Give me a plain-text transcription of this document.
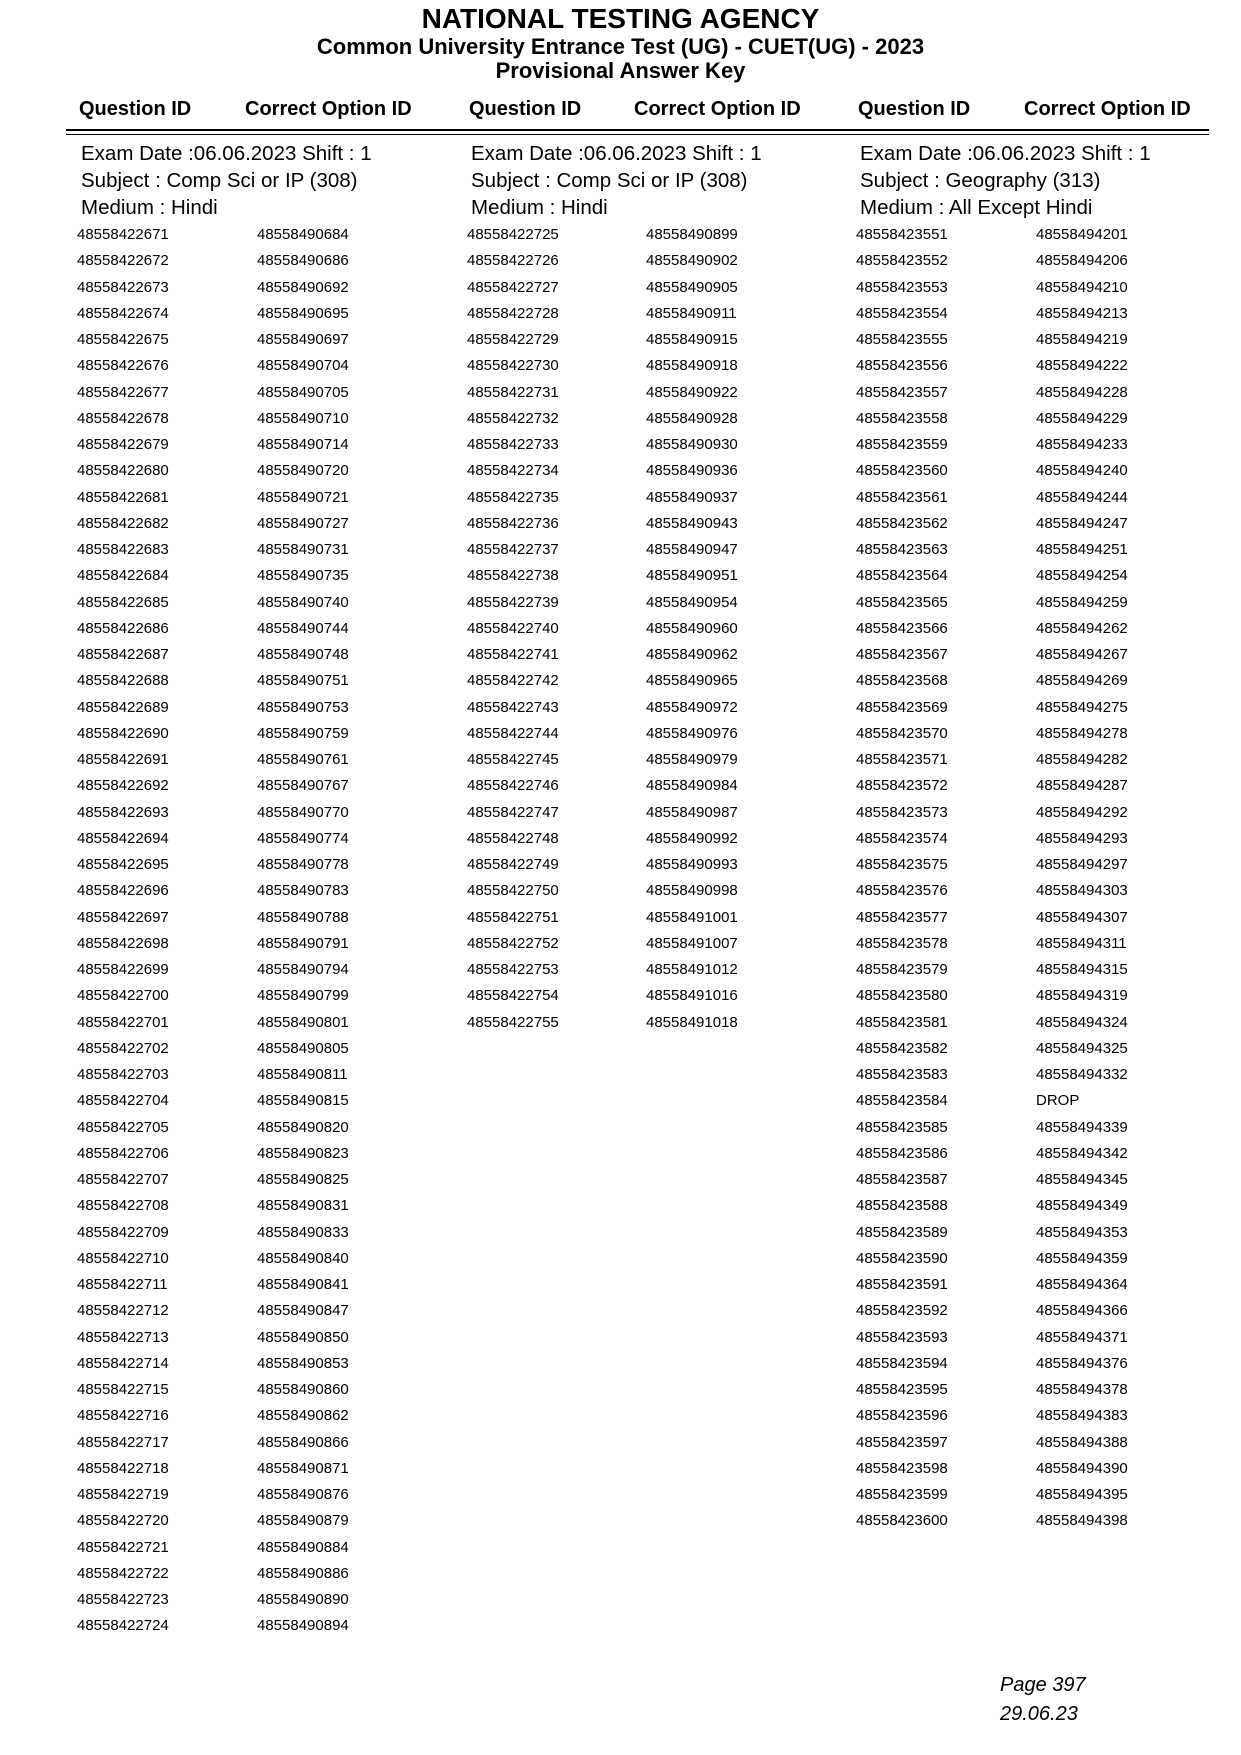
NATIONAL TESTING AGENCY
Common University Entrance Test (UG) - CUET(UG) - 2023
Provisional Answer Key
Question ID	Correct Option ID	Question ID	Correct Option ID	Question ID	Correct Option ID
Exam Date :06.06.2023 Shift : 1
Subject : Comp Sci or IP (308)
Medium : Hindi
48558422671	48558490684
48558422672	48558490686
48558422673	48558490692
48558422674	48558490695
48558422675	48558490697
48558422676	48558490704
48558422677	48558490705
48558422678	48558490710
48558422679	48558490714
48558422680	48558490720
48558422681	48558490721
48558422682	48558490727
48558422683	48558490731
48558422684	48558490735
48558422685	48558490740
48558422686	48558490744
48558422687	48558490748
48558422688	48558490751
48558422689	48558490753
48558422690	48558490759
48558422691	48558490761
48558422692	48558490767
48558422693	48558490770
48558422694	48558490774
48558422695	48558490778
48558422696	48558490783
48558422697	48558490788
48558422698	48558490791
48558422699	48558490794
48558422700	48558490799
48558422701	48558490801
48558422702	48558490805
48558422703	48558490811
48558422704	48558490815
48558422705	48558490820
48558422706	48558490823
48558422707	48558490825
48558422708	48558490831
48558422709	48558490833
48558422710	48558490840
48558422711	48558490841
48558422712	48558490847
48558422713	48558490850
48558422714	48558490853
48558422715	48558490860
48558422716	48558490862
48558422717	48558490866
48558422718	48558490871
48558422719	48558490876
48558422720	48558490879
48558422721	48558490884
48558422722	48558490886
48558422723	48558490890
48558422724	48558490894
Exam Date :06.06.2023 Shift : 1
Subject : Comp Sci or IP (308)
Medium : Hindi
48558422725	48558490899
48558422726	48558490902
48558422727	48558490905
48558422728	48558490911
48558422729	48558490915
48558422730	48558490918
48558422731	48558490922
48558422732	48558490928
48558422733	48558490930
48558422734	48558490936
48558422735	48558490937
48558422736	48558490943
48558422737	48558490947
48558422738	48558490951
48558422739	48558490954
48558422740	48558490960
48558422741	48558490962
48558422742	48558490965
48558422743	48558490972
48558422744	48558490976
48558422745	48558490979
48558422746	48558490984
48558422747	48558490987
48558422748	48558490992
48558422749	48558490993
48558422750	48558490998
48558422751	48558491001
48558422752	48558491007
48558422753	48558491012
48558422754	48558491016
48558422755	48558491018
Exam Date :06.06.2023 Shift : 1
Subject : Geography (313)
Medium : All Except Hindi
48558423551	48558494201
48558423552	48558494206
48558423553	48558494210
48558423554	48558494213
48558423555	48558494219
48558423556	48558494222
48558423557	48558494228
48558423558	48558494229
48558423559	48558494233
48558423560	48558494240
48558423561	48558494244
48558423562	48558494247
48558423563	48558494251
48558423564	48558494254
48558423565	48558494259
48558423566	48558494262
48558423567	48558494267
48558423568	48558494269
48558423569	48558494275
48558423570	48558494278
48558423571	48558494282
48558423572	48558494287
48558423573	48558494292
48558423574	48558494293
48558423575	48558494297
48558423576	48558494303
48558423577	48558494307
48558423578	48558494311
48558423579	48558494315
48558423580	48558494319
48558423581	48558494324
48558423582	48558494325
48558423583	48558494332
48558423584	DROP
48558423585	48558494339
48558423586	48558494342
48558423587	48558494345
48558423588	48558494349
48558423589	48558494353
48558423590	48558494359
48558423591	48558494364
48558423592	48558494366
48558423593	48558494371
48558423594	48558494376
48558423595	48558494378
48558423596	48558494383
48558423597	48558494388
48558423598	48558494390
48558423599	48558494395
48558423600	48558494398
Page 397
29.06.23
